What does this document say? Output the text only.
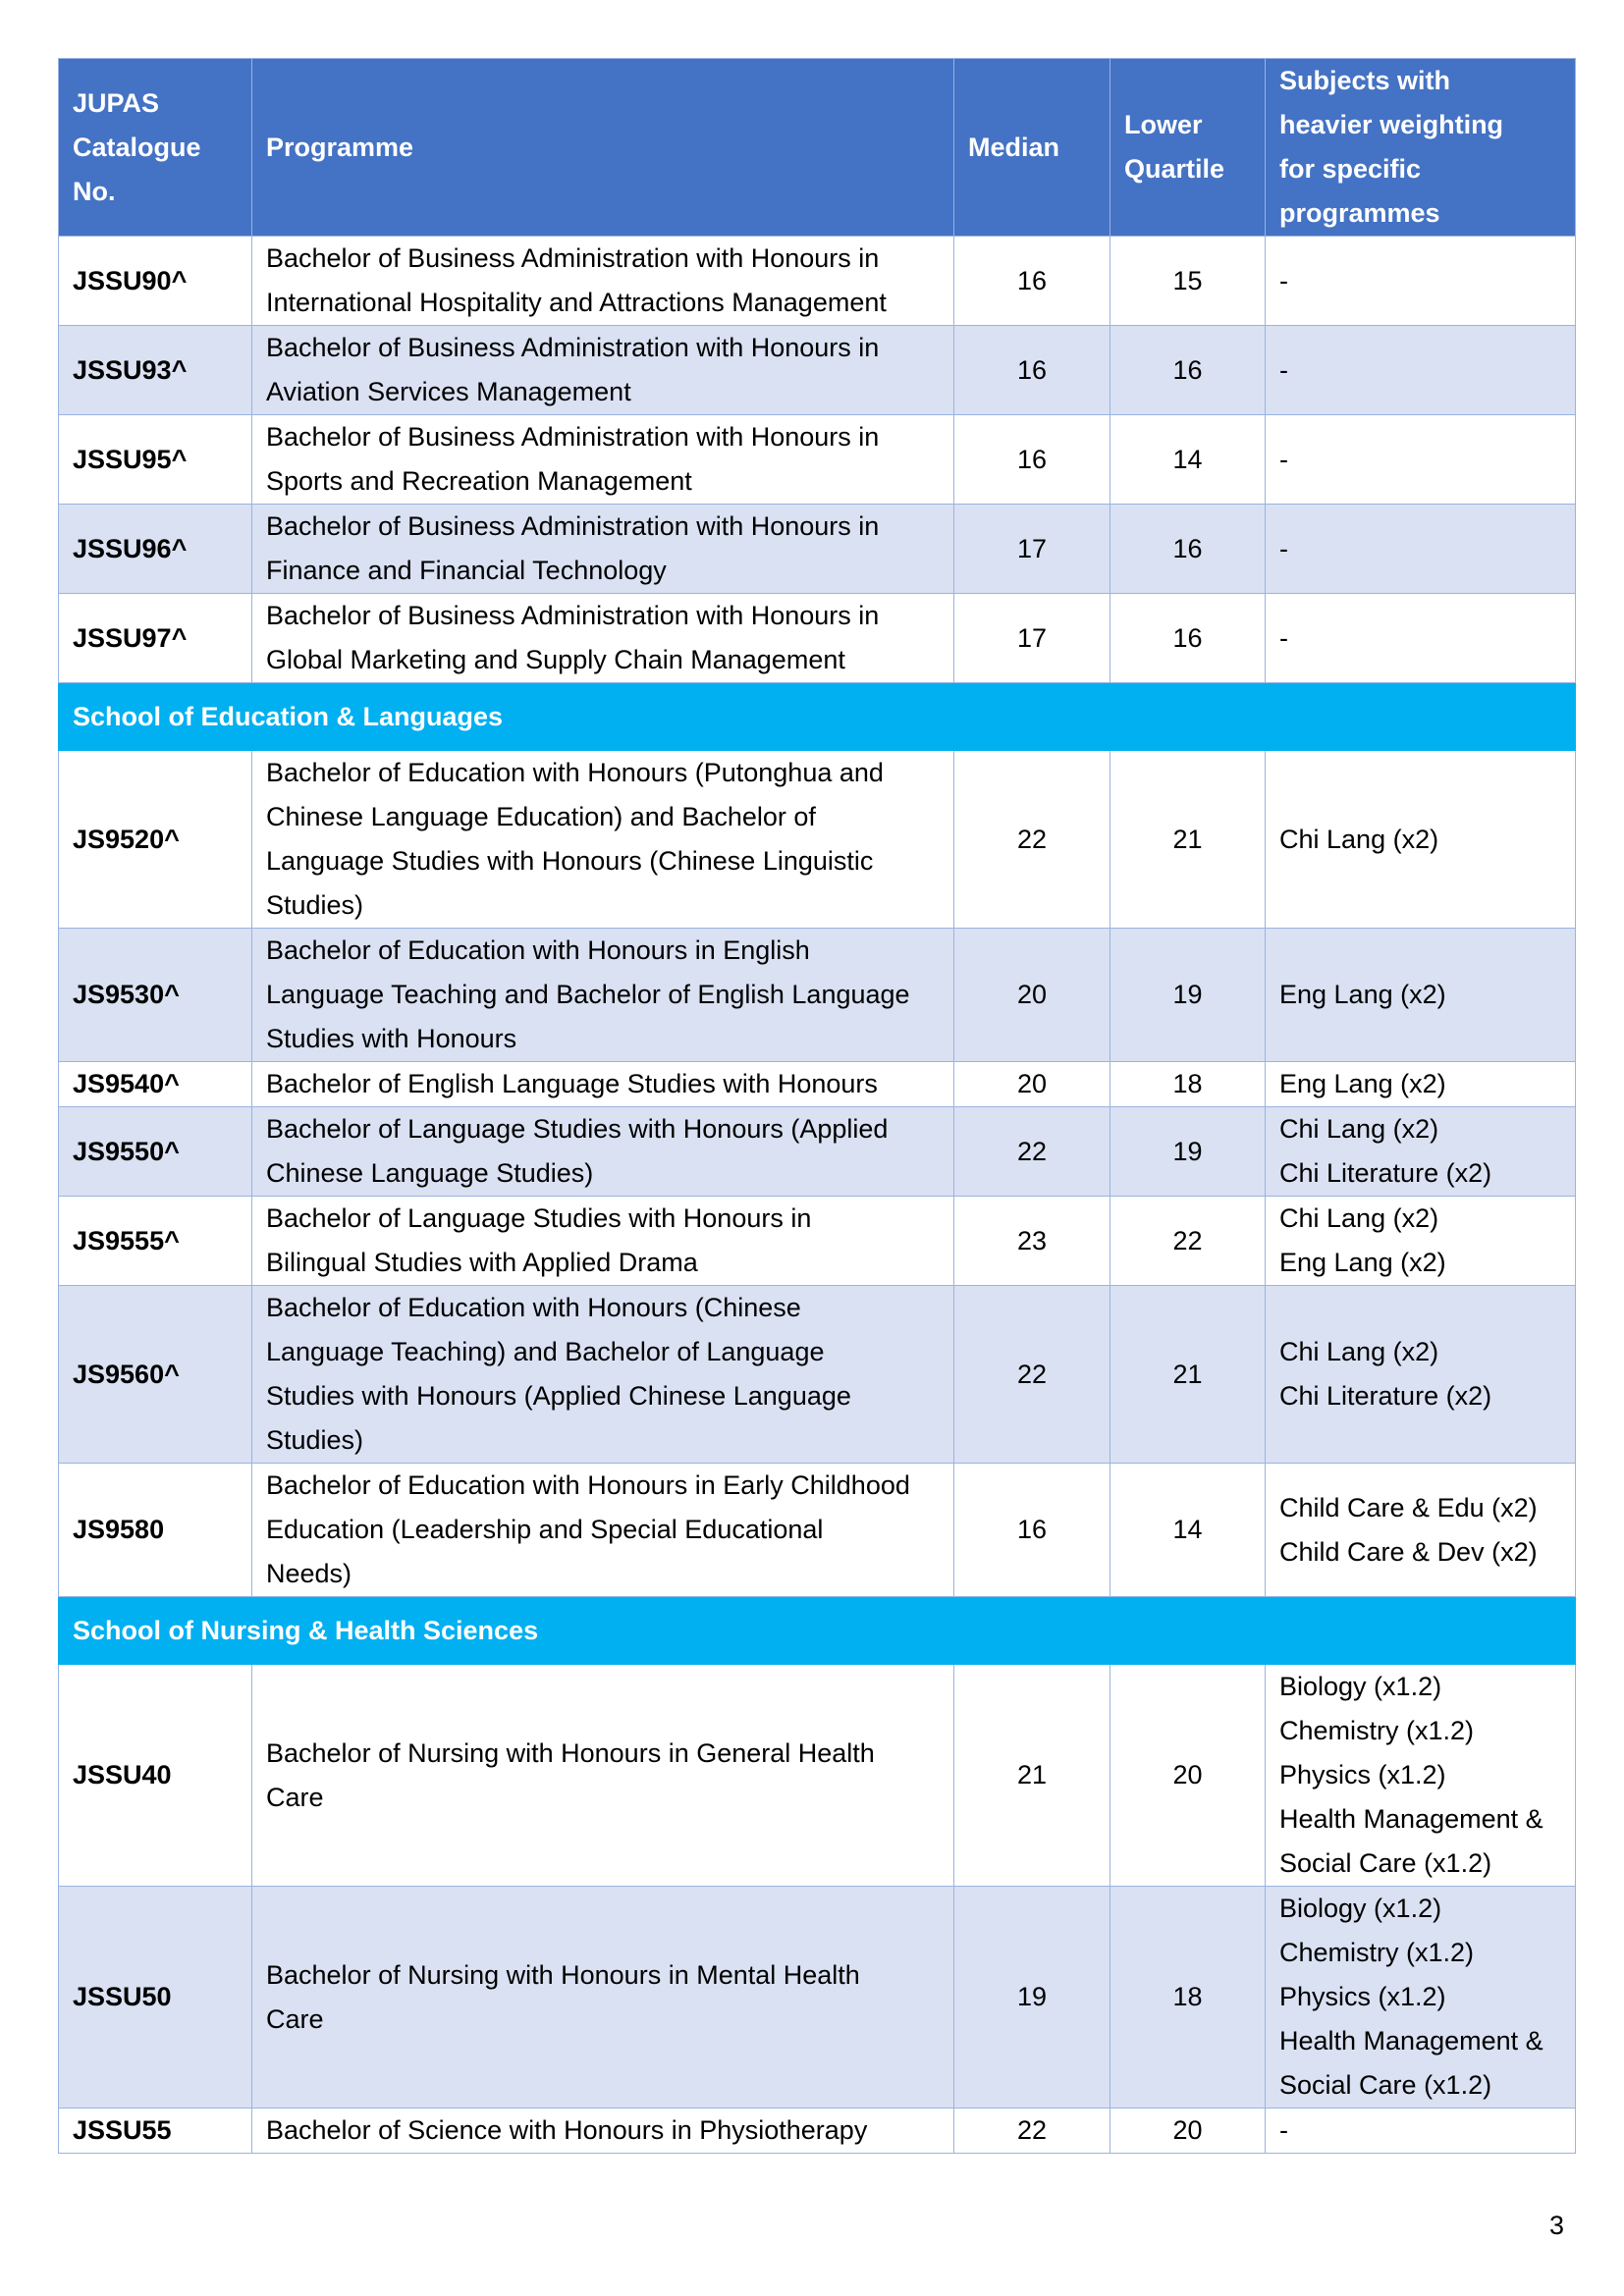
JUPAS
Catalogue
No.	Programme	Median	Lower
Quartile	Subjects with
heavier weighting
for specific
programmes

JSSU90^	Bachelor of Business Administration with Honours in
International Hospitality and Attractions Management	16	15	-

JSSU93^	Bachelor of Business Administration with Honours in
Aviation Services Management	16	16	-

JSSU95^	Bachelor of Business Administration with Honours in
Sports and Recreation Management	16	14	-

JSSU96^	Bachelor of Business Administration with Honours in
Finance and Financial Technology	17	16	-

JSSU97^	Bachelor of Business Administration with Honours in
Global Marketing and Supply Chain Management	17	16	-

School of Education & Languages				
JS9520^	Bachelor of Education with Honours (Putonghua and
Chinese Language Education) and Bachelor of
Language Studies with Honours (Chinese Linguistic
Studies)	22	21	Chi Lang (x2)

JS9530^	Bachelor of Education with Honours in English
Language Teaching and Bachelor of English Language
Studies with Honours	20	19	Eng Lang (x2)

JS9540^	Bachelor of English Language Studies with Honours	20	18	Eng Lang (x2)

JS9550^	Bachelor of Language Studies with Honours (Applied
Chinese Language Studies)	22	19	Chi Lang (x2)
Chi Literature (x2)

JS9555^	Bachelor of Language Studies with Honours in
Bilingual Studies with Applied Drama	23	22	Chi Lang (x2)
Eng Lang (x2)

JS9560^	Bachelor of Education with Honours (Chinese
Language Teaching) and Bachelor of Language
Studies with Honours (Applied Chinese Language
Studies)	22	21	Chi Lang (x2)
Chi Literature (x2)

JS9580	Bachelor of Education with Honours in Early Childhood
Education (Leadership and Special Educational
Needs)	16	14	Child Care & Edu (x2)
Child Care & Dev (x2)

School of Nursing & Health Sciences				
JSSU40	Bachelor of Nursing with Honours in General Health
Care	21	20	Biology (x1.2)
Chemistry (x1.2)
Physics (x1.2)
Health Management &
Social Care (x1.2)

JSSU50	Bachelor of Nursing with Honours in Mental Health
Care	19	18	Biology (x1.2)
Chemistry (x1.2)
Physics (x1.2)
Health Management &
Social Care (x1.2)

JSSU55	Bachelor of Science with Honours in Physiotherapy	22	20	-
3
